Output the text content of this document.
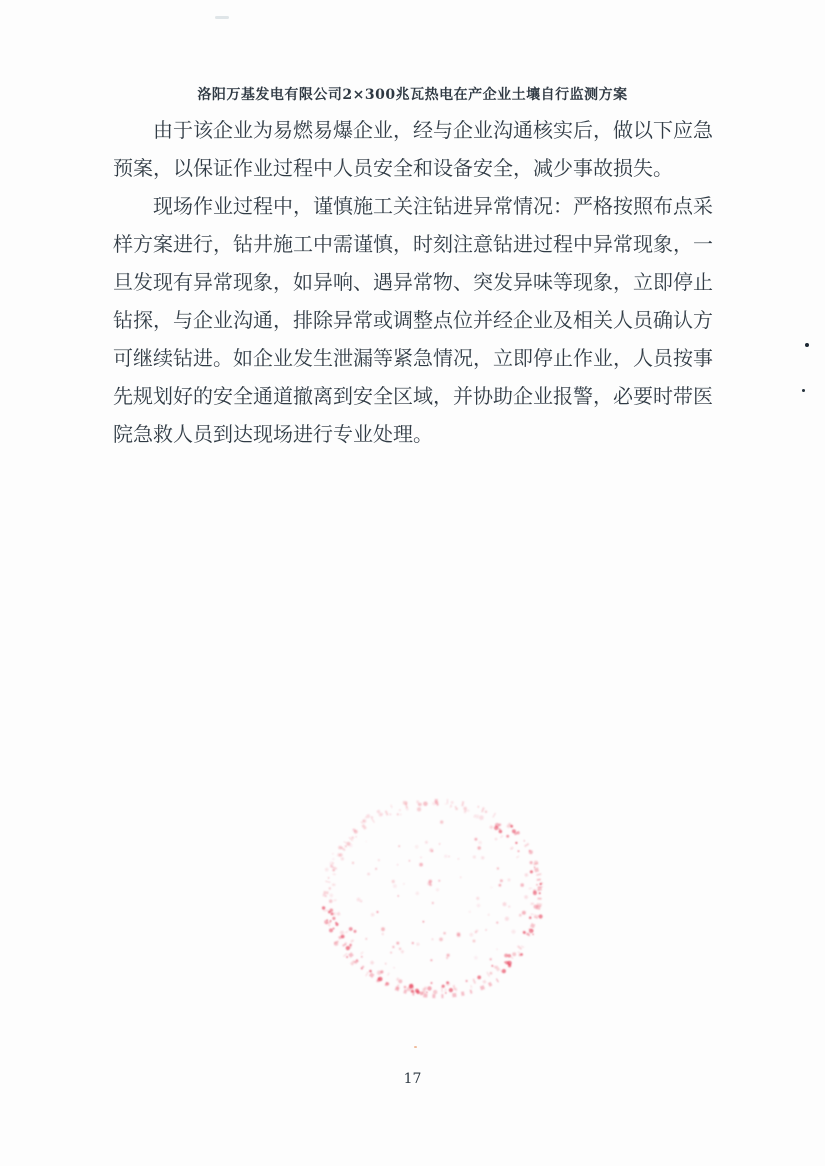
洛阳万基发电有限公司2×300兆瓦热电在产企业土壤自行监测方案

由于该企业为易燃易爆企业，经与企业沟通核实后，做以下应急预案，以保证作业过程中人员安全和设备安全，减少事故损失。

现场作业过程中，谨慎施工关注钻进异常情况：严格按照布点采样方案进行，钻井施工中需谨慎，时刻注意钻进过程中异常现象，一旦发现有异常现象，如异响、遇异常物、突发异味等现象，立即停止钻探，与企业沟通，排除异常或调整点位并经企业及相关人员确认方可继续钻进。如企业发生泄漏等紧急情况，立即停止作业，人员按事先规划好的安全通道撤离到安全区域，并协助企业报警，必要时带医院急救人员到达现场进行专业处理。

17
